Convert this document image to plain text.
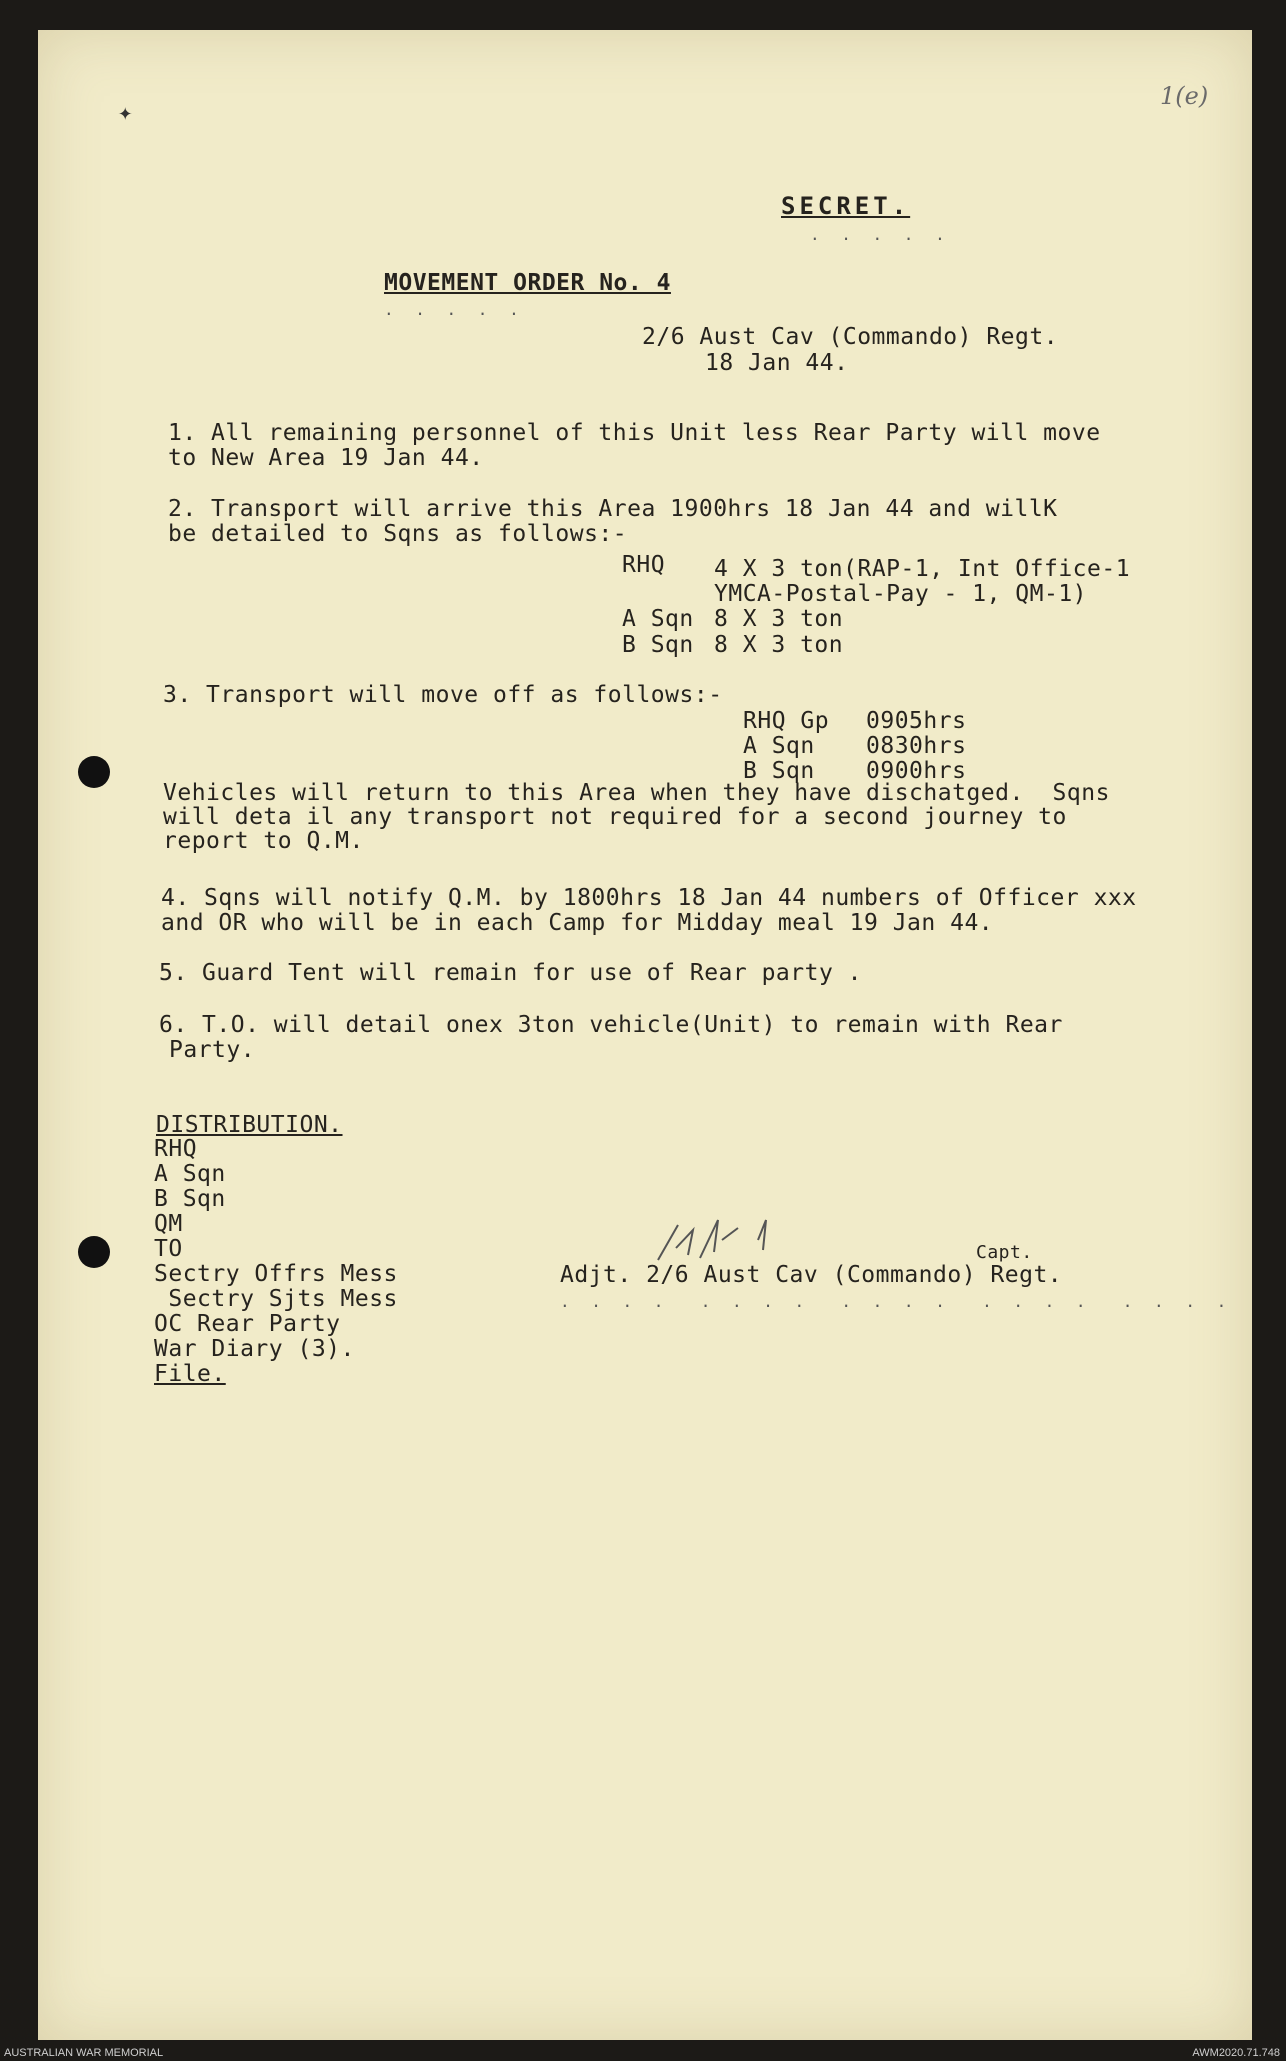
✦
1(e)
SECRET.
. . . . .
MOVEMENT ORDER No. 4
. . . . .
2/6 Aust Cav (Commando) Regt.
18 Jan 44.
1. All remaining personnel of this Unit less Rear Party will move
to New Area 19 Jan 44.
2. Transport will arrive this Area 1900hrs 18 Jan 44 and willK
be detailed to Sqns as follows:-
RHQ 4 X 3 ton(RAP-1, Int Office-1
YMCA-Postal-Pay - 1, QM-1)
A Sqn 8 X 3 ton
B Sqn 8 X 3 ton
3. Transport will move off as follows:-
RHQ Gp 0905hrs
A Sqn 0830hrs
B Sqn 0900hrs
Vehicles will return to this Area when they have dischatged.  Sqns
will deta il any transport not required for a second journey to
report to Q.M.
4. Sqns will notify Q.M. by 1800hrs 18 Jan 44 numbers of Officer xxx
and OR who will be in each Camp for Midday meal 19 Jan 44.
5. Guard Tent will remain for use of Rear party .
6. T.O. will detail onex 3ton vehicle(Unit) to remain with Rear
Party.
DISTRIBUTION.
RHQ
A Sqn
B Sqn
QM
TO
Sectry Offrs Mess
Sectry Sjts Mess
OC Rear Party
War Diary (3).
File.
Capt.
Adjt. 2/6 Aust Cav (Commando) Regt.
. . . .  . . . .  . . . .  . . . .  . . . .
AUSTRALIAN WAR MEMORIAL	AWM2020.71.748
